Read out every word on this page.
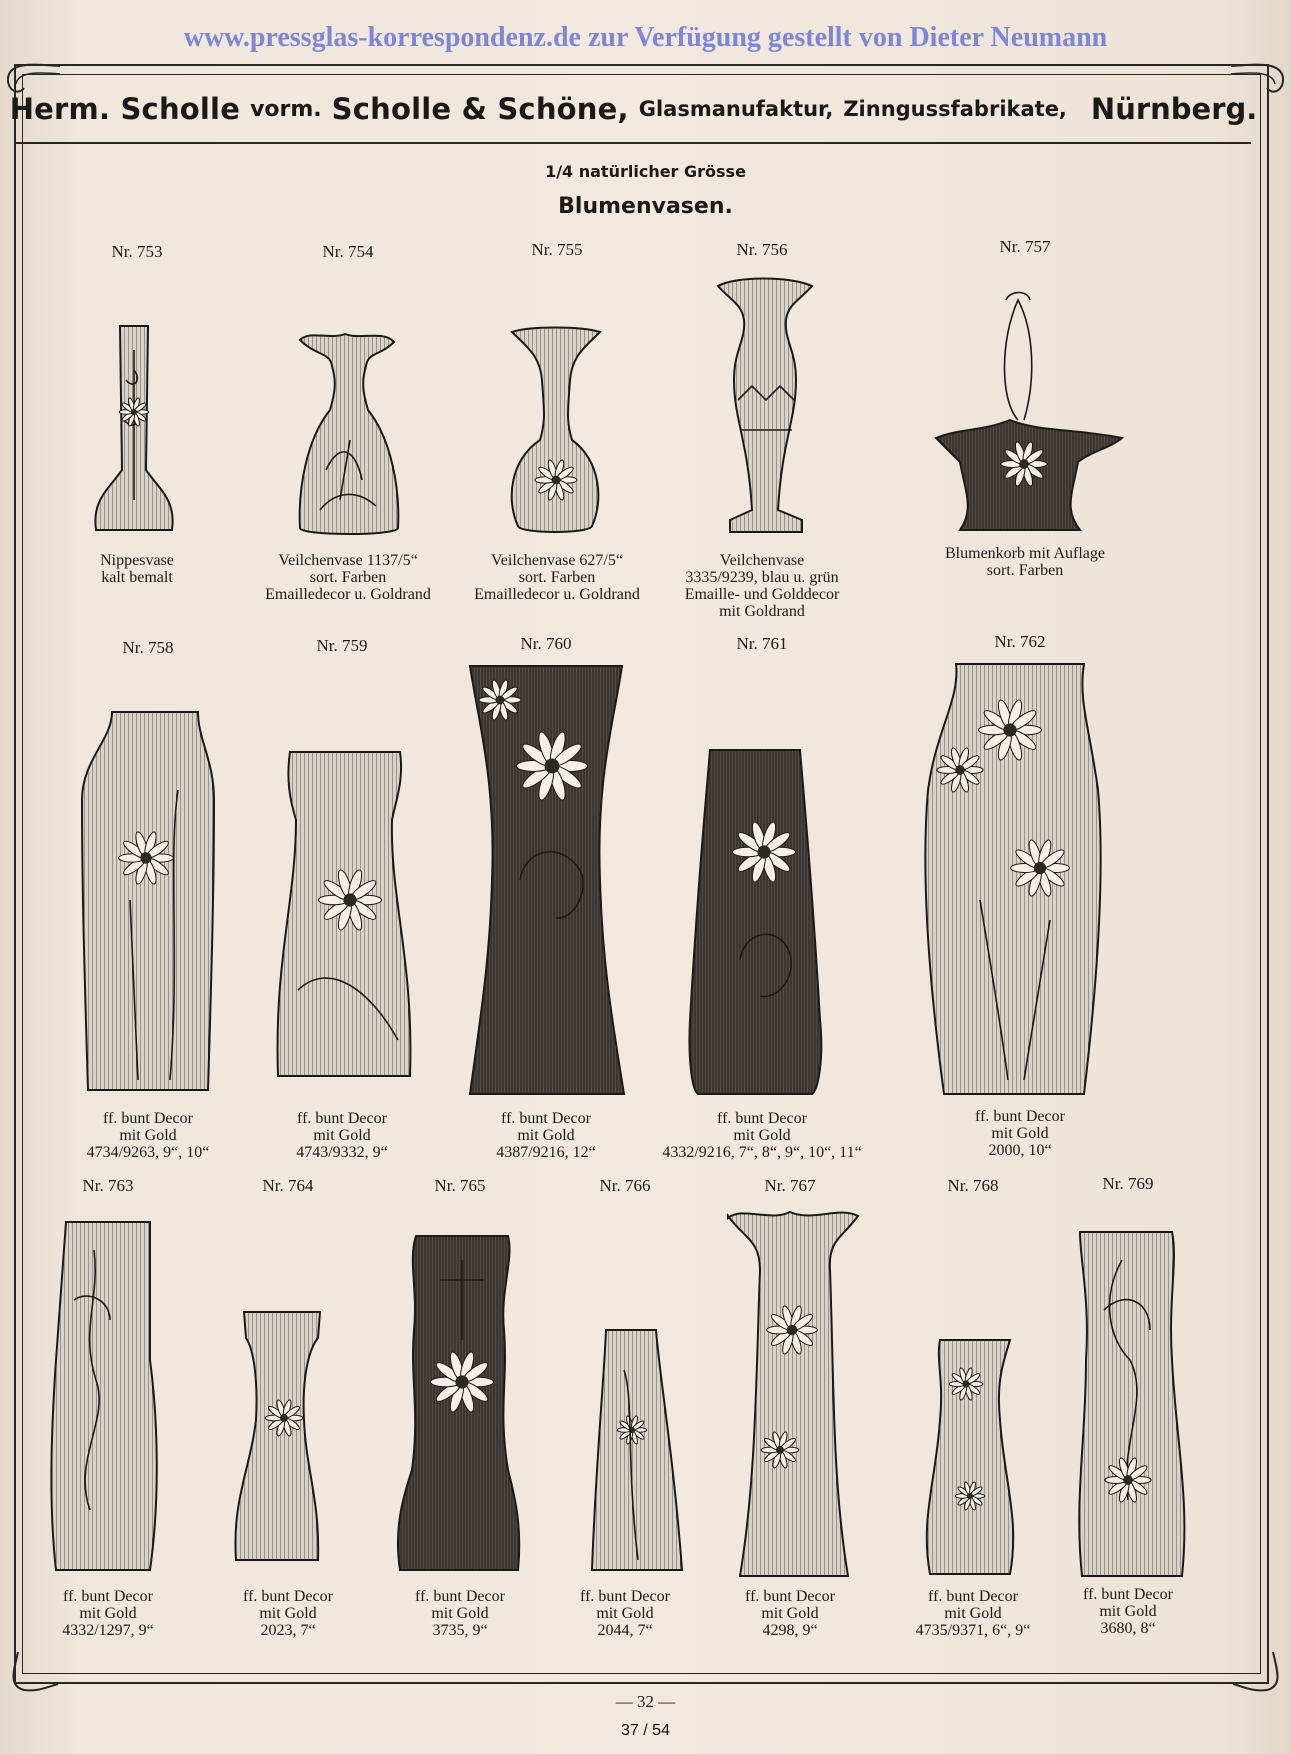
www.pressglas-korrespondenz.de zur Verfügung gestellt von Dieter Neumann
Herm. Scholle vorm. Scholle & Schöne, Glasmanufaktur, Zinngussfabrikate, Nürnberg.
1/4 natürlicher Grösse
Blumenvasen.
Nr. 753
Nippesvase
kalt bemalt
Nr. 754
Veilchenvase 1137/5“
sort. Farben
Emailledecor u. Goldrand
Nr. 755
Veilchenvase 627/5“
sort. Farben
Emailledecor u. Goldrand
Nr. 756
Veilchenvase
3335/9239, blau u. grün
Emaille- und Golddecor
mit Goldrand
Nr. 757
Blumenkorb mit Auflage
sort. Farben
Nr. 758
ff. bunt Decor
mit Gold
4734/9263, 9“, 10“
Nr. 759
ff. bunt Decor
mit Gold
4743/9332, 9“
Nr. 760
ff. bunt Decor
mit Gold
4387/9216, 12“
Nr. 761
ff. bunt Decor
mit Gold
4332/9216, 7“, 8“, 9“, 10“, 11“
Nr. 762
ff. bunt Decor
mit Gold
2000, 10“
Nr. 763
ff. bunt Decor
mit Gold
4332/1297, 9“
Nr. 764
ff. bunt Decor
mit Gold
2023, 7“
Nr. 765
ff. bunt Decor
mit Gold
3735, 9“
Nr. 766
ff. bunt Decor
mit Gold
2044, 7“
Nr. 767
ff. bunt Decor
mit Gold
4298, 9“
Nr. 768
ff. bunt Decor
mit Gold
4735/9371, 6“, 9“
Nr. 769
ff. bunt Decor
mit Gold
3680, 8“
— 32 —
37 / 54
